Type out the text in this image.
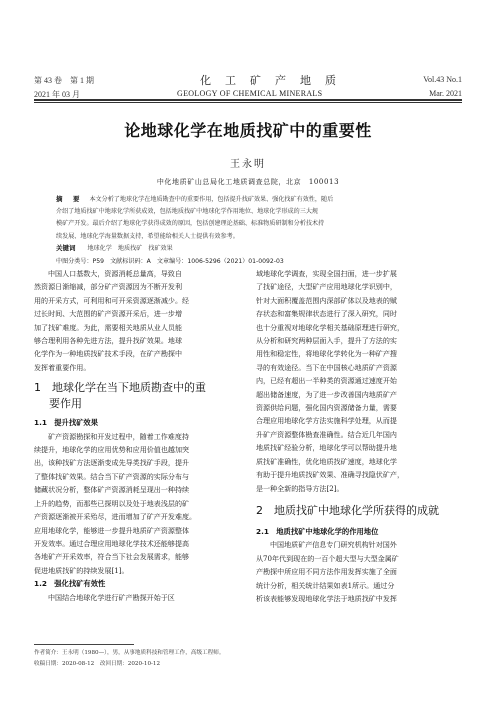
第 43 卷　第 1 期
2021 年 03 月
化工矿产地质
GEOLOGY OF CHEMICAL MINERALS
Vol.43 No.1
Mar. 2021
论地球化学在地质找矿中的重要性
王永明
中化地质矿山总局化工地质调查总院，北京　100013
摘　要 本文分析了地球化学在地质勘查中的重要作用，包括提升找矿效果、强化找矿有效性，随后
介绍了地质找矿中地球化学所获成效，包括地质找矿中地球化学作用地位、地球化学形成的三大规
模矿产开发。最后介绍了地球化学获得成效的原因，包括创建理论基础、标准物质研制和分析技术持
续发展、地球化学海量数据支持，希望能给相关人士提供有效参考。
关键词 地球化学　地质找矿　找矿效果
中图分类号：P59　文献标识码：A　文章编号：1006-5296（2021）01-0092-03
中国人口基数大，资源消耗总量高，导致自
然资源日渐缩减，部分矿产资源因为不断开发利
用的开采方式，可利用和可开采资源逐渐减少。经
过长时间、大范围的矿产资源开采后，进一步增
加了找矿难度。为此，需要相关地质从业人员能
够合理利用各种先进方法，提升找矿效果。地球
化学作为一种地质找矿技术手段，在矿产勘探中
发挥着重要作用。
1　地球化学在当下地质勘查中的重
要作用
1.1　提升找矿效果
矿产资源勘探和开发过程中，随着工作难度持
续提升，地球化学的应用优势和应用价值也越加突
出，该种找矿方法逐渐变成先导类找矿手段，提升
了整体找矿效果。结合当下矿产资源的实际分布与
储藏状况分析，整体矿产资源消耗呈现出一种持续
上升的趋势，而那些已探明以及处于地表浅层的矿
产资源逐渐被开采殆尽，进而增加了矿产开发难度。
应用地球化学，能够进一步提升地质矿产资源整体
开发效率。通过合理应用地球化学技术还能够提高
各地矿产开采效率，符合当下社会发展需求，能够
促进地质找矿的持续发展[1]。
1.2　强化找矿有效性
中国结合地球化学进行矿产勘探开始于区
域地球化学调查，实现全国扫面，进一步扩展
了找矿途径，大型矿产应用地球化学识别中，
针对大面积覆盖范围内深部矿体以及地表的赋
存状态和富集规律状态进行了深入研究，同时
也十分重视对地球化学相关基础原理进行研究，
从分析和研究两种层面入手，提升了方法的实
用性和稳定性，将地球化学转化为一种矿产搜
寻的有效途径。当下在中国核心地质矿产资源
内，已经有超出一半种类的资源通过速度开始
超出储备速度，为了进一步改善国内地质矿产
资源供给问题，强化国内资源储备力量，需要
合理应用地球化学方法实施科学处理，从而提
升矿产资源整体勘查准确性。结合近几年国内
地质找矿经验分析，地球化学可以帮助提升地
质找矿准确性，优化地质找矿速度，地球化学
有助于提升地质找矿效果、准确寻找隐伏矿产，
是一种全新的指导方法[2]。
2　地质找矿中地球化学所获得的成就
2.1　地质找矿中地球化学的作用地位
中国地质矿产信息专门研究机构针对国外
从70年代到现在的一百个超大型与大型金属矿
产勘探中所应用不同方法作用发挥实施了全面
统计分析，相关统计结果如表1所示。通过分
析该表能够发现地球化学法于地质找矿中发挥
作者简介：王永明（1980—），男，从事地质科技和管理工作，高级工程师。
收稿日期：2020-08-12　改回日期：2020-10-12
